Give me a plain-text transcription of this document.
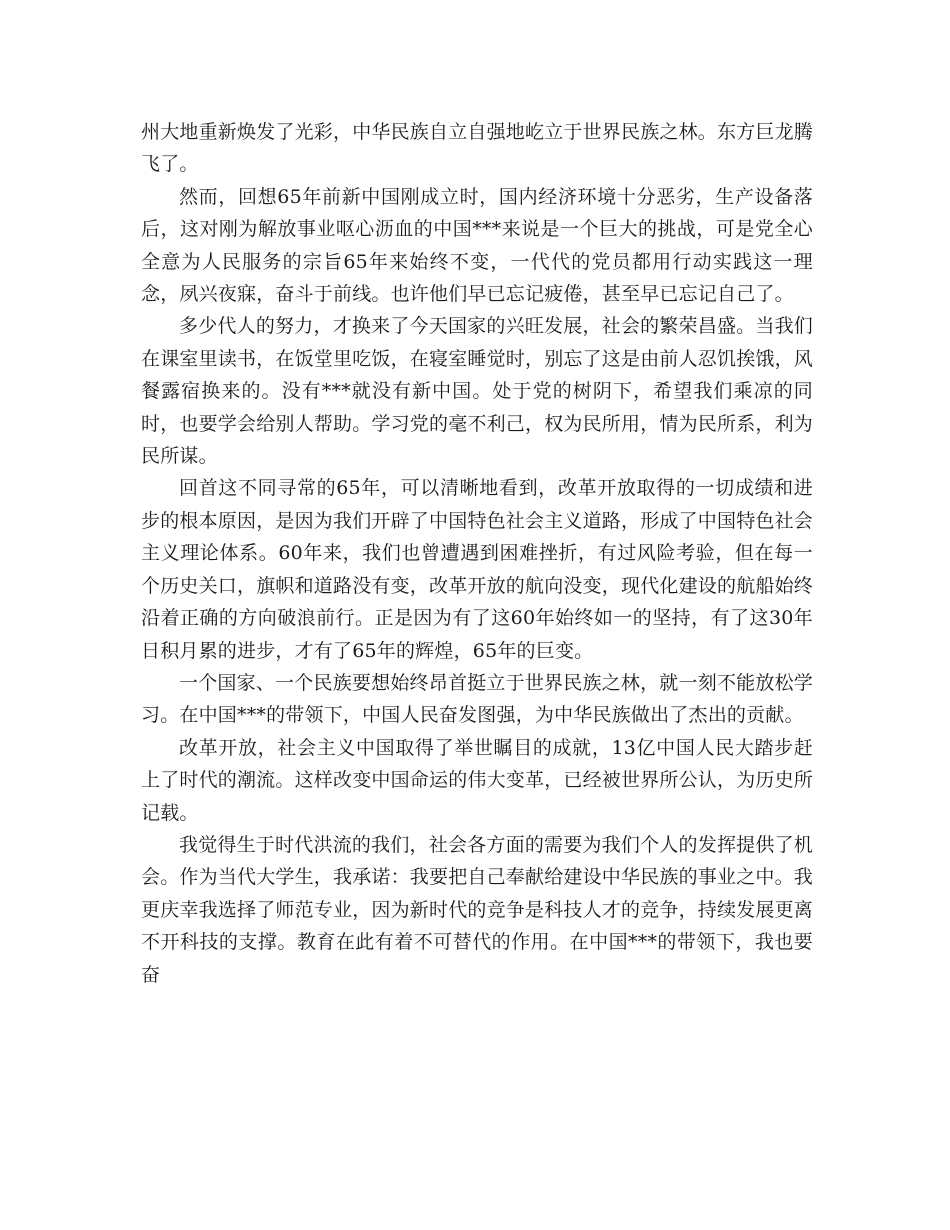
州大地重新焕发了光彩，中华民族自立自强地屹立于世界民族之林。东方巨龙腾飞了。

然而，回想65年前新中国刚成立时，国内经济环境十分恶劣，生产设备落后，这对刚为解放事业呕心沥血的中国***来说是一个巨大的挑战，可是党全心全意为人民服务的宗旨65年来始终不变，一代代的党员都用行动实践这一理念，夙兴夜寐，奋斗于前线。也许他们早已忘记疲倦，甚至早已忘记自己了。

多少代人的努力，才换来了今天国家的兴旺发展，社会的繁荣昌盛。当我们在课室里读书，在饭堂里吃饭，在寝室睡觉时，别忘了这是由前人忍饥挨饿，风餐露宿换来的。没有***就没有新中国。处于党的树阴下，希望我们乘凉的同时，也要学会给别人帮助。学习党的毫不利己，权为民所用，情为民所系，利为民所谋。

回首这不同寻常的65年，可以清晰地看到，改革开放取得的一切成绩和进步的根本原因，是因为我们开辟了中国特色社会主义道路，形成了中国特色社会主义理论体系。60年来，我们也曾遭遇到困难挫折，有过风险考验，但在每一个历史关口，旗帜和道路没有变，改革开放的航向没变，现代化建设的航船始终沿着正确的方向破浪前行。正是因为有了这60年始终如一的坚持，有了这30年日积月累的进步，才有了65年的辉煌，65年的巨变。

一个国家、一个民族要想始终昂首挺立于世界民族之林，就一刻不能放松学习。在中国***的带领下，中国人民奋发图强，为中华民族做出了杰出的贡献。

改革开放，社会主义中国取得了举世瞩目的成就，13亿中国人民大踏步赶上了时代的潮流。这样改变中国命运的伟大变革，已经被世界所公认，为历史所记载。

我觉得生于时代洪流的我们，社会各方面的需要为我们个人的发挥提供了机会。作为当代大学生，我承诺：我要把自己奉献给建设中华民族的事业之中。我更庆幸我选择了师范专业，因为新时代的竞争是科技人才的竞争，持续发展更离不开科技的支撑。教育在此有着不可替代的作用。在中国***的带领下，我也要奋
